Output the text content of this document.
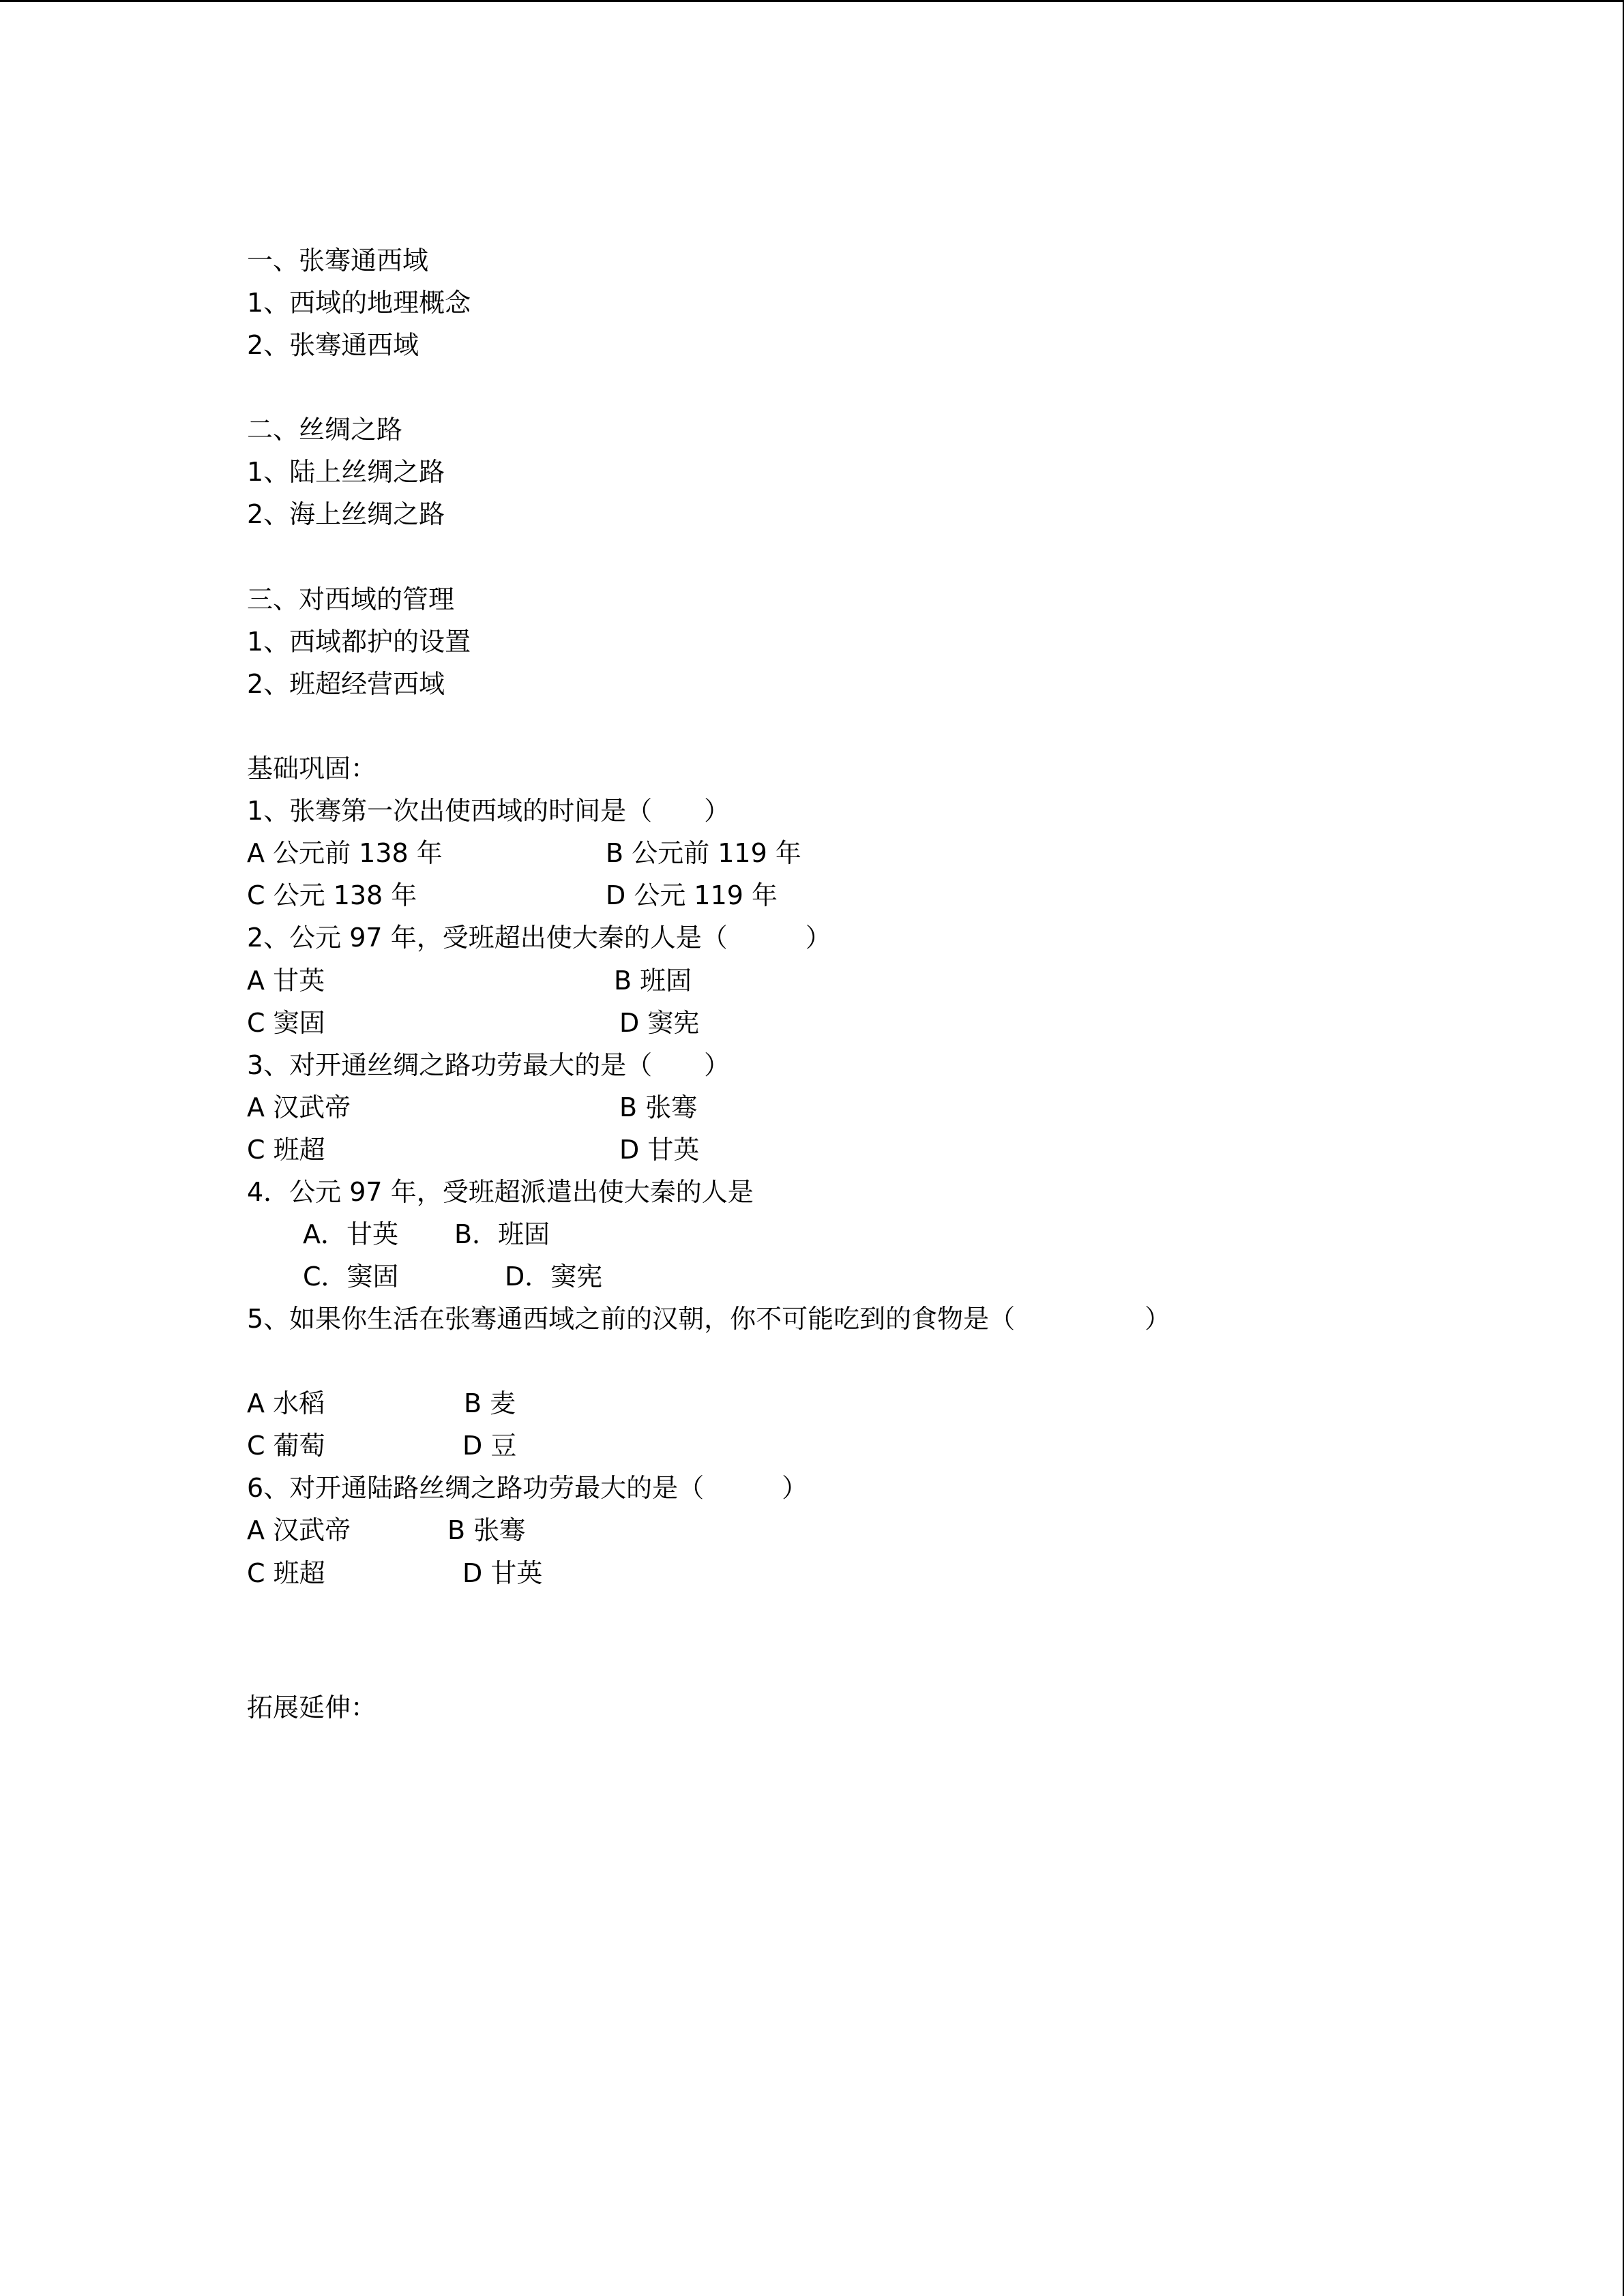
一、张骞通西域
1、西域的地理概念
2、张骞通西域
二、丝绸之路
1、陆上丝绸之路
2、海上丝绸之路
三、对西域的管理
1、西域都护的设置
2、班超经营西域
基础巩固：
1、张骞第一次出使西域的时间是（　　）
A 公元前 138 年	B 公元前 119 年
C 公元 138 年	D 公元 119 年
2、公元 97 年，受班超出使大秦的人是（　　　）
A 甘英	B 班固
C 窦固	D 窦宪
3、对开通丝绸之路功劳最大的是（　　）
A 汉武帝	B 张骞
C 班超	D 甘英
4．公元 97 年，受班超派遣出使大秦的人是
A．甘英 B．班固
C．窦固	D．窦宪
5、如果你生活在张骞通西域之前的汉朝，你不可能吃到的食物是（　　　　　）
A 水稻	B 麦
C 葡萄	D 豆
6、对开通陆路丝绸之路功劳最大的是（　　　）
A 汉武帝	B 张骞
C 班超	D 甘英
拓展延伸：
